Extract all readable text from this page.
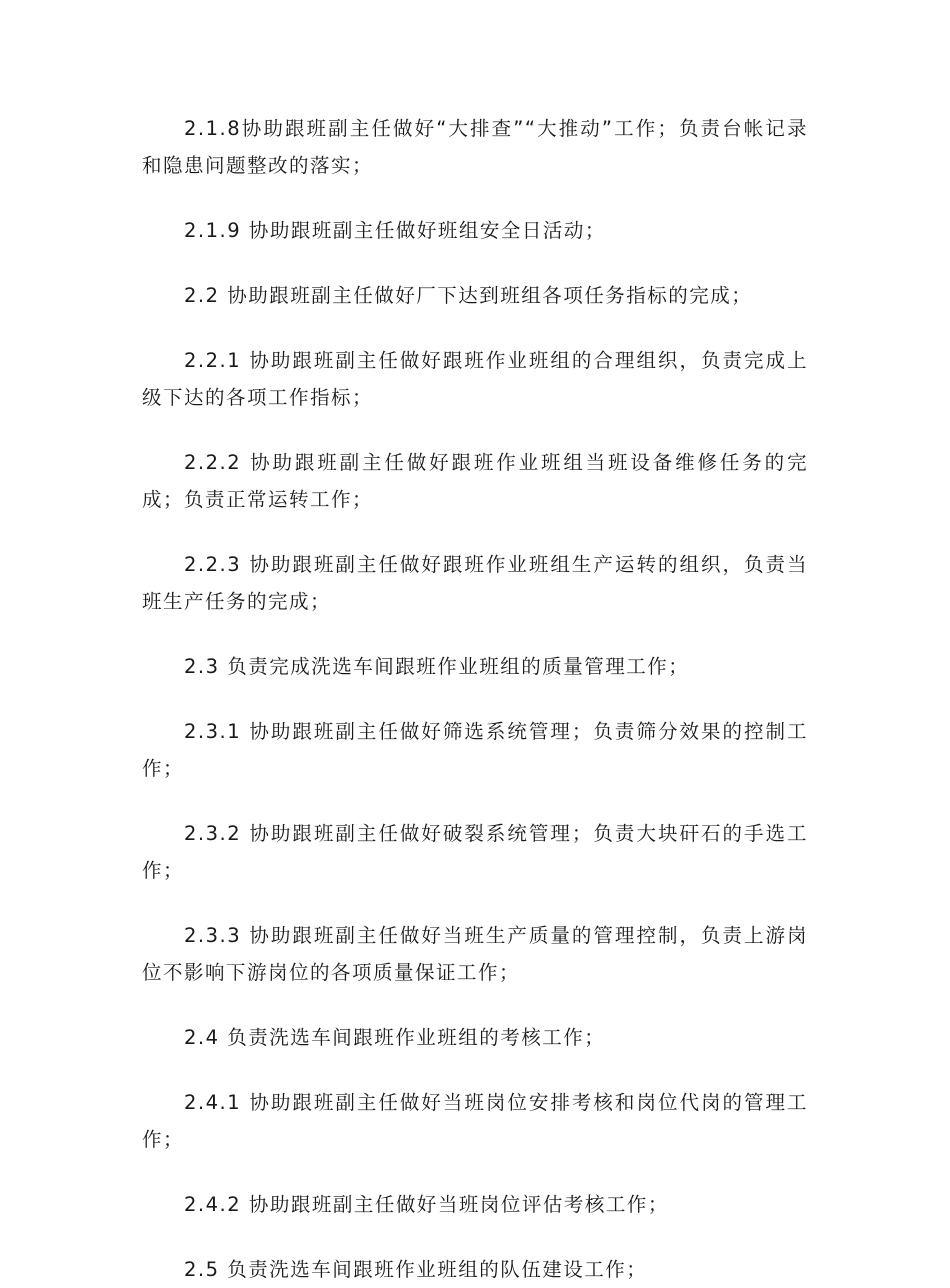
2.1.8协助跟班副主任做好“大排查”“大推动”工作；负责台帐记录和隐患问题整改的落实；

2.1.9 协助跟班副主任做好班组安全日活动；

2.2 协助跟班副主任做好厂下达到班组各项任务指标的完成；

2.2.1 协助跟班副主任做好跟班作业班组的合理组织，负责完成上级下达的各项工作指标；

2.2.2 协助跟班副主任做好跟班作业班组当班设备维修任务的完成；负责正常运转工作；

2.2.3 协助跟班副主任做好跟班作业班组生产运转的组织，负责当班生产任务的完成；

2.3 负责完成洗选车间跟班作业班组的质量管理工作；

2.3.1 协助跟班副主任做好筛选系统管理；负责筛分效果的控制工作；

2.3.2 协助跟班副主任做好破裂系统管理；负责大块矸石的手选工作；

2.3.3 协助跟班副主任做好当班生产质量的管理控制，负责上游岗位不影响下游岗位的各项质量保证工作；

2.4 负责洗选车间跟班作业班组的考核工作；

2.4.1 协助跟班副主任做好当班岗位安排考核和岗位代岗的管理工作；

2.4.2 协助跟班副主任做好当班岗位评估考核工作；

2.5 负责洗选车间跟班作业班组的队伍建设工作；
